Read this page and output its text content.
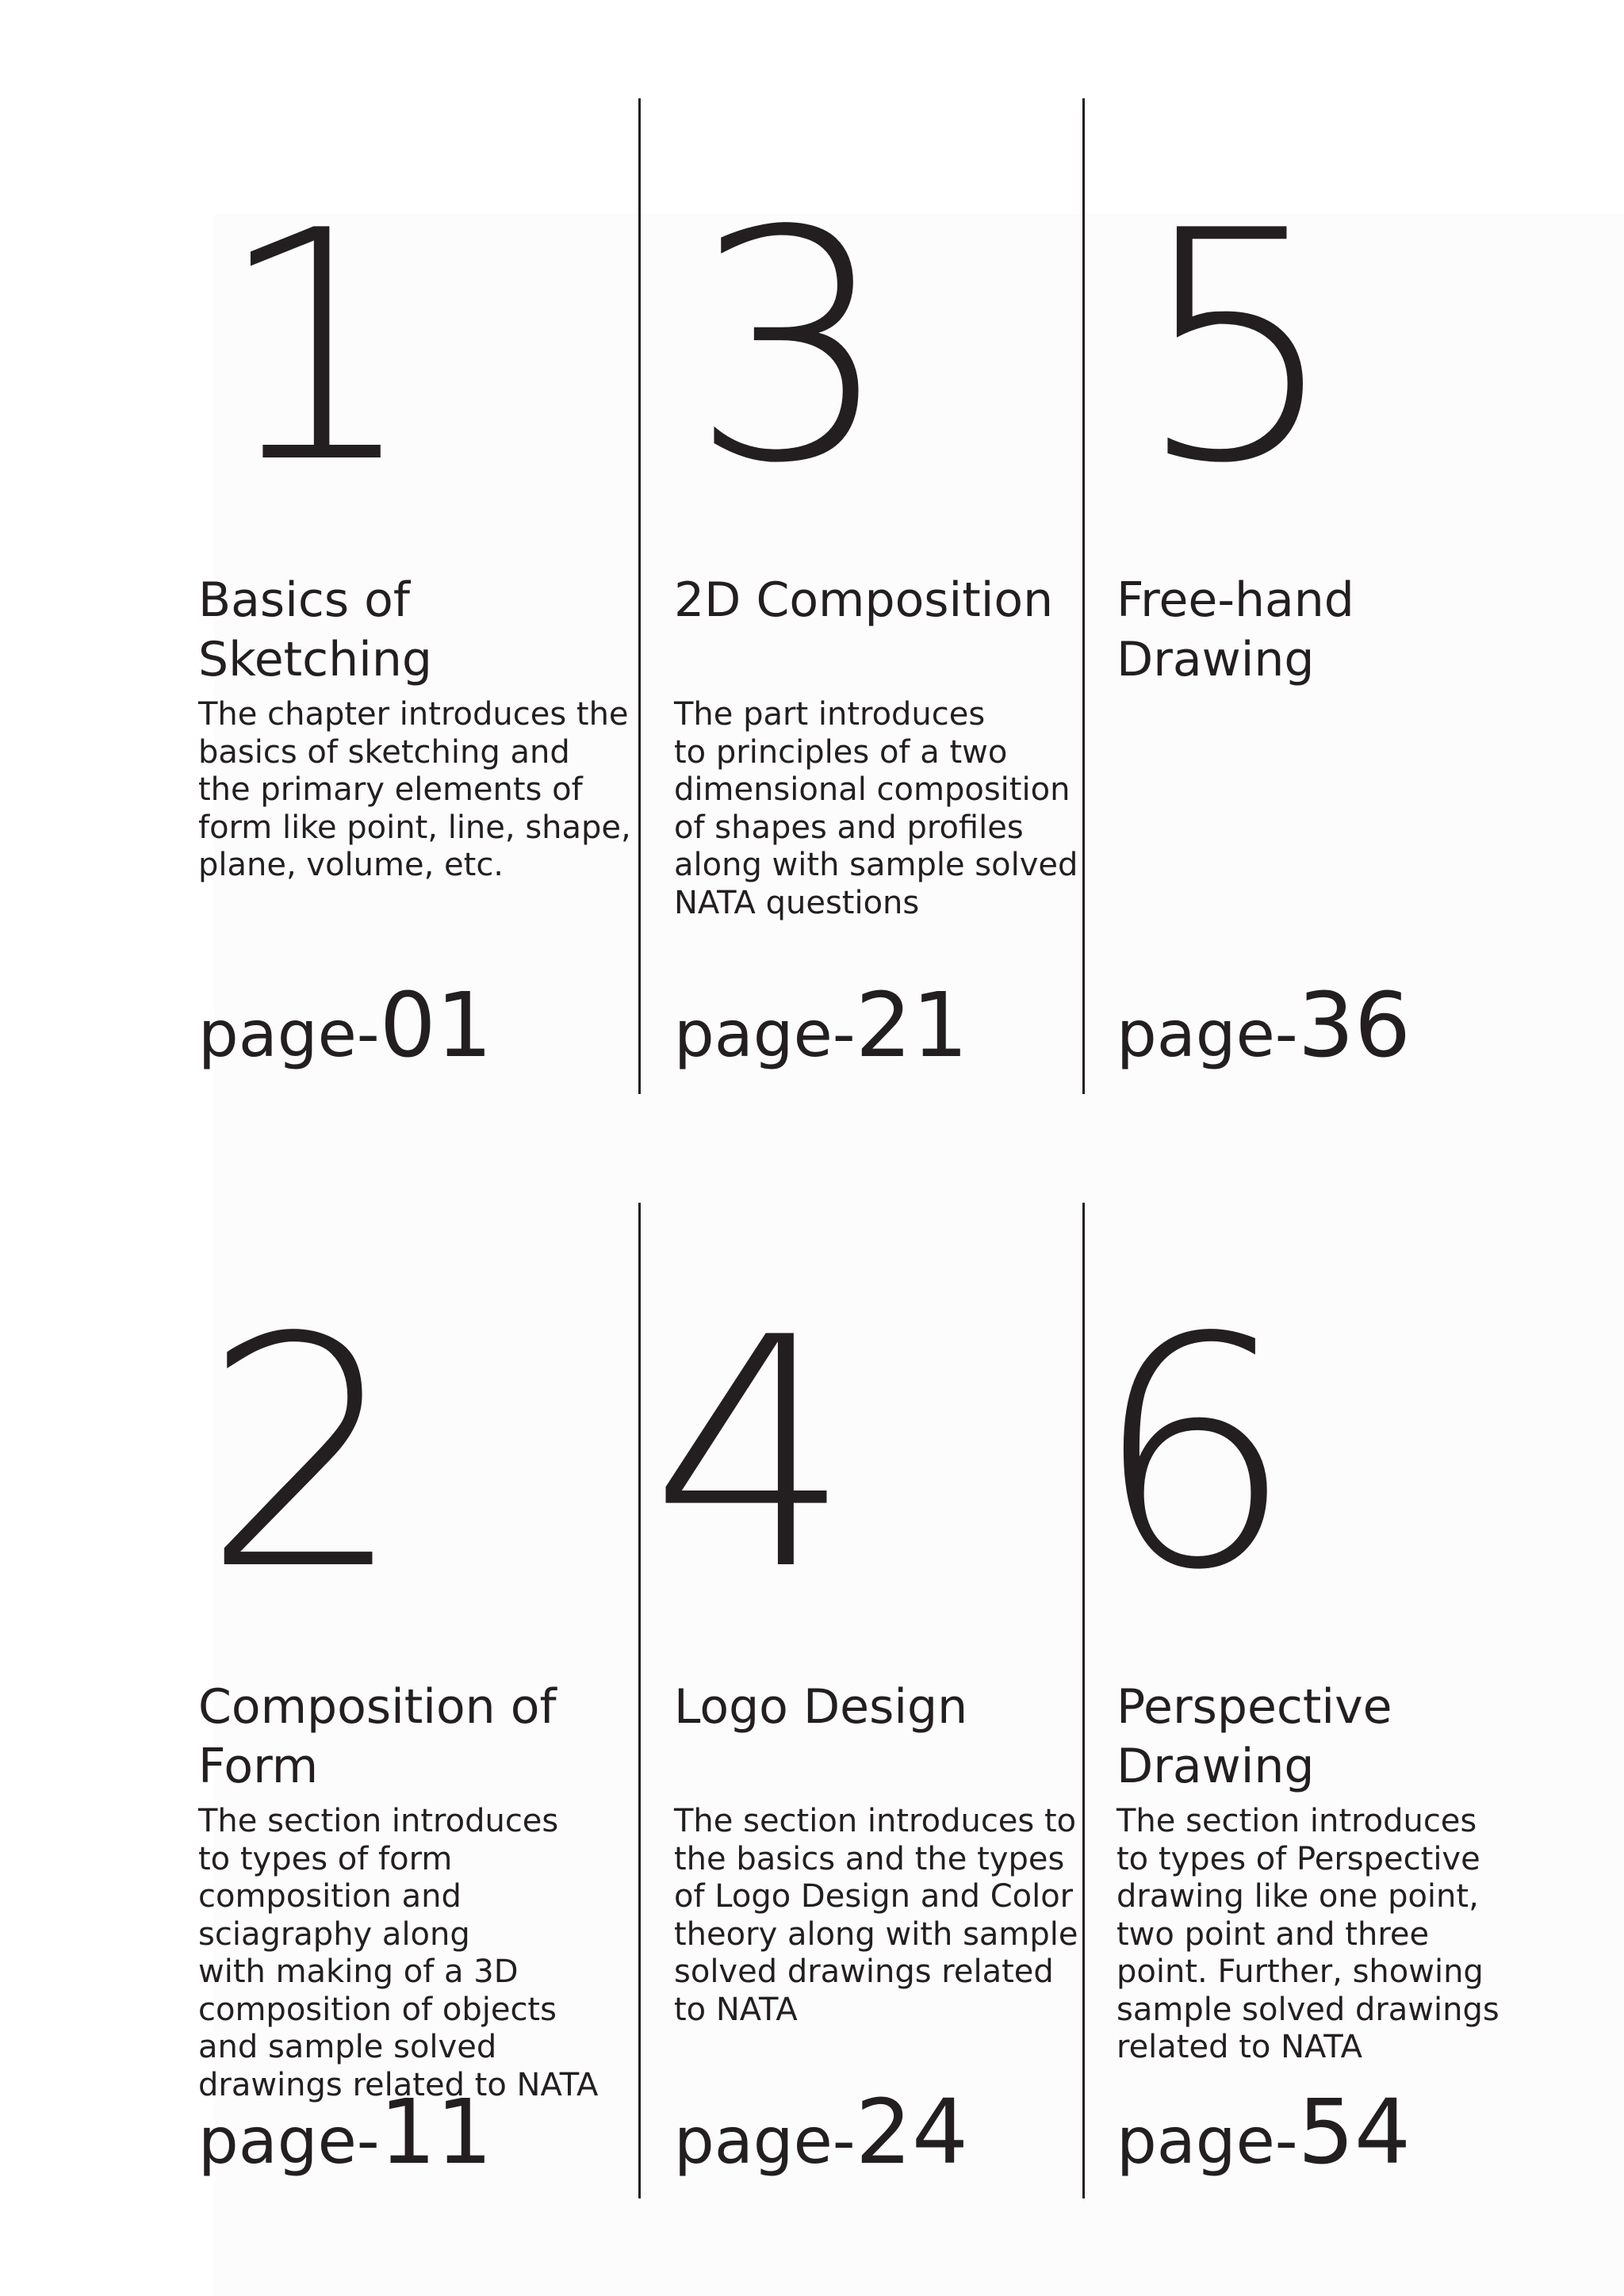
1
Basics of
Sketching
The chapter introduces the
basics of sketching and
the primary elements of
form like point, line, shape,
plane, volume, etc.
page-01
3
2D Composition
The part introduces
to principles of a two
dimensional composition
of shapes and profiles
along with sample solved
NATA questions
page-21
5
Free-hand
Drawing
page-36
2
Composition of
Form
The section introduces
to types of form
composition and
sciagraphy along
with making of a 3D
composition of objects
and sample solved
drawings related to NATA
page-11
4
Logo Design
The section introduces to
the basics and the types
of Logo Design and Color
theory along with sample
solved drawings related
to NATA
page-24
6
Perspective
Drawing
The section introduces
to types of Perspective
drawing like one point,
two point and three
point. Further, showing
sample solved drawings
related to NATA
page-54
